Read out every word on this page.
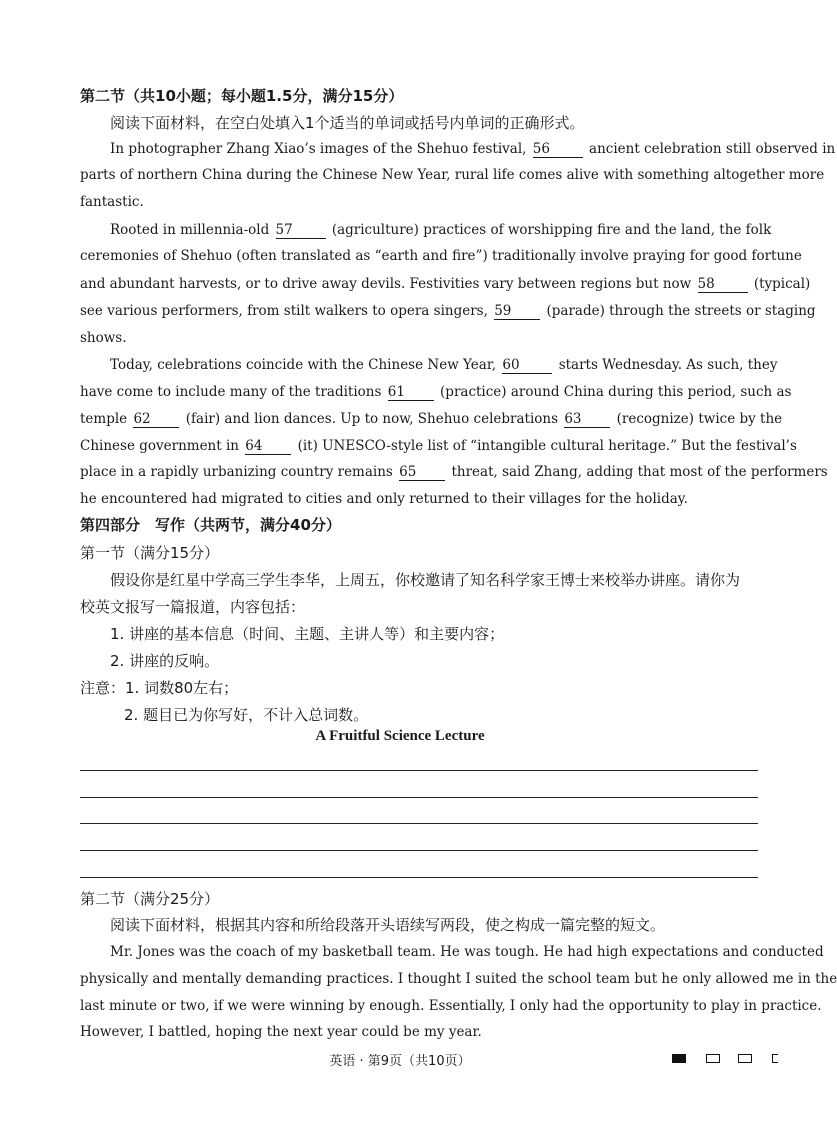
第二节（共10小题；每小题1.5分，满分15分）
阅读下面材料，在空白处填入1个适当的单词或括号内单词的正确形式。
In photographer Zhang Xiao’s images of the Shehuo festival, 56	ancient celebration still observed in
parts of northern China during the Chinese New Year, rural life comes alive with something altogether more
fantastic.
Rooted in millennia-old 57	(agriculture) practices of worshipping fire and the land, the folk
ceremonies of Shehuo (often translated as “earth and fire”) traditionally involve praying for good fortune
and abundant harvests, or to drive away devils. Festivities vary between regions but now 58	(typical)
see various performers, from stilt walkers to opera singers, 59	(parade) through the streets or staging
shows.
Today, celebrations coincide with the Chinese New Year, 60	starts Wednesday. As such, they
have come to include many of the traditions 61	(practice) around China during this period, such as
temple 62	(fair) and lion dances. Up to now, Shehuo celebrations 63	(recognize) twice by the
Chinese government in 64	(it) UNESCO-style list of “intangible cultural heritage.” But the festival’s
place in a rapidly urbanizing country remains 65	threat, said Zhang, adding that most of the performers
he encountered had migrated to cities and only returned to their villages for the holiday.
第四部分　写作（共两节，满分40分）
第一节（满分15分）
假设你是红星中学高三学生李华，上周五，你校邀请了知名科学家王博士来校举办讲座。请你为
校英文报写一篇报道，内容包括：
1. 讲座的基本信息（时间、主题、主讲人等）和主要内容；
2. 讲座的反响。
注意：1. 词数80左右；
2. 题目已为你写好，不计入总词数。
A Fruitful Science Lecture
第二节（满分25分）
阅读下面材料，根据其内容和所给段落开头语续写两段，使之构成一篇完整的短文。
Mr. Jones was the coach of my basketball team. He was tough. He had high expectations and conducted
physically and mentally demanding practices. I thought I suited the school team but he only allowed me in the
last minute or two, if we were winning by enough. Essentially, I only had the opportunity to play in practice.
However, I battled, hoping the next year could be my year.
英语 · 第9页（共10页）
